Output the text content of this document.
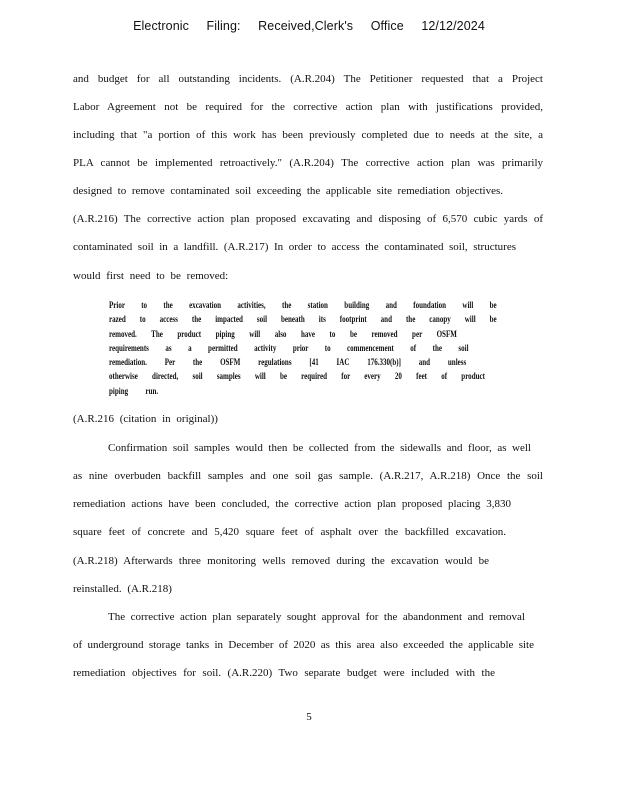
Electronic Filing: Received,Clerk's Office 12/12/2024
and budget for all outstanding incidents. (A.R.204) The Petitioner requested that a Project
Labor Agreement not be required for the corrective action plan with justifications provided,
including that "a portion of this work has been previously completed due to needs at the site, a
PLA cannot be implemented retroactively." (A.R.204) The corrective action plan was primarily
designed to remove contaminated soil exceeding the applicable site remediation objectives.
(A.R.216) The corrective action plan proposed excavating and disposing of 6,570 cubic yards of
contaminated soil in a landfill. (A.R.217) In order to access the contaminated soil, structures
would first need to be removed:
Prior to the excavation activities, the station building and foundation will be
razed to access the impacted soil beneath its footprint and the canopy will be
removed. The product piping will also have to be removed per OSFM
requirements as a permitted activity prior to commencement of the soil
remediation. Per the OSFM regulations [41 IAC 176.330(b)] and unless
otherwise directed, soil samples will be required for every 20 feet of product
piping run.
(A.R.216 (citation in original))
Confirmation soil samples would then be collected from the sidewalls and floor, as well
as nine overbuden backfill samples and one soil gas sample. (A.R.217, A.R.218) Once the soil
remediation actions have been concluded, the corrective action plan proposed placing 3,830
square feet of concrete and 5,420 square feet of asphalt over the backfilled excavation.
(A.R.218) Afterwards three monitoring wells removed during the excavation would be
reinstalled. (A.R.218)
The corrective action plan separately sought approval for the abandonment and removal
of underground storage tanks in December of 2020 as this area also exceeded the applicable site
remediation objectives for soil. (A.R.220) Two separate budget were included with the
5
